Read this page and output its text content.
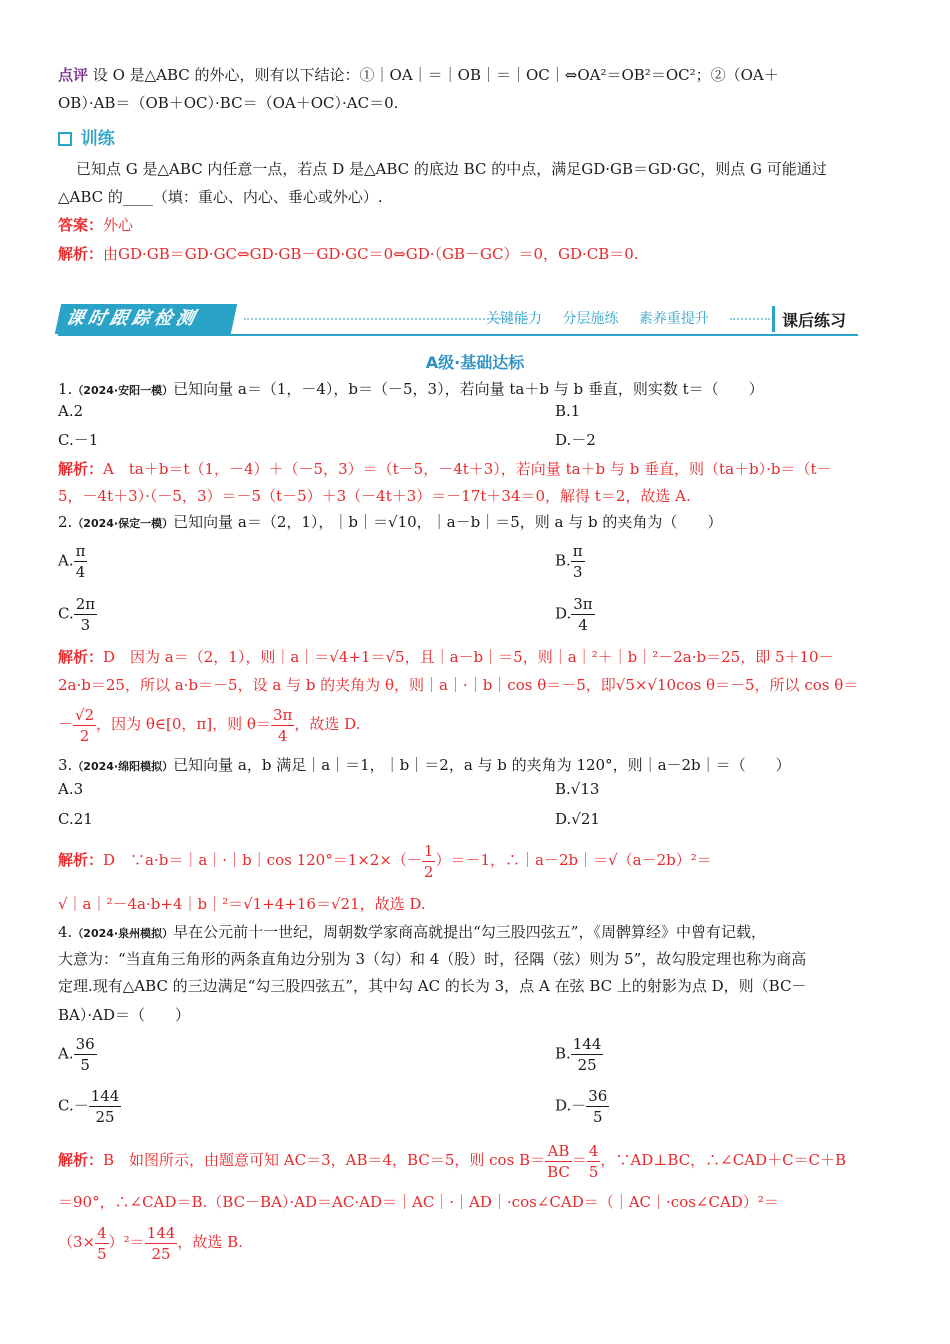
点评 设 O 是△ABC 的外心，则有以下结论：①｜OA｜＝｜OB｜＝｜OC｜⇔OA²＝OB²＝OC²；②（OA＋
OB）·AB＝（OB＋OC）·BC＝（OA＋OC）·AC＝0.
训练
已知点 G 是△ABC 内任意一点，若点 D 是△ABC 的底边 BC 的中点，满足GD·GB＝GD·GC，则点 G 可能通过
△ABC 的____（填：重心、内心、垂心或外心）.
答案：外心
解析：由GD·GB＝GD·GC⇔GD·GB－GD·GC＝0⇔GD·（GB－GC）＝0，GD·CB＝0.
课时跟踪检测	关键能力 分层施练 素养重提升	课后练习
A级·基础达标
1.（2024·安阳一模）已知向量 a＝（1，－4），b＝（－5，3），若向量 ta＋b 与 b 垂直，则实数 t＝（　　）
A.2	B.1
C.－1	D.－2
解析：A　ta＋b＝t（1，－4）＋（－5，3）＝（t－5，－4t＋3），若向量 ta＋b 与 b 垂直，则（ta＋b）·b＝（t－
5，－4t＋3）·（－5，3）＝－5（t－5）＋3（－4t＋3）＝－17t＋34＝0，解得 t＝2，故选 A.
2.（2024·保定一模）已知向量 a＝（2，1），｜b｜＝√10，｜a－b｜＝5，则 a 与 b 的夹角为（　　）
A. $\frac{\pi}{4}$	B. $\frac{\pi}{3}$
C. $\frac{2\pi}{3}$	D. $\frac{3\pi}{4}$
解析：D　因为 a＝（2，1），则｜a｜＝√4+1＝√5，且｜a－b｜＝5，则｜a｜²＋｜b｜²－2a·b＝25，即 5＋10－
2a·b＝25，所以 a·b＝－5，设 a 与 b 的夹角为 θ，则｜a｜·｜b｜cos θ＝－5，即√5×√10cos θ＝－5，所以 cos θ＝
－ $\frac{√2}{2}$ ，因为 θ∈[0，π]，则 $\theta= \frac{3\pi}{4}$ ，故选 D.
3.（2024·绵阳模拟）已知向量 a，b 满足｜a｜＝1，｜b｜＝2，a 与 b 的夹角为 120°，则｜a－2b｜＝（　　）
A.3	B.√13
C.21	D.√21
解析：D　∵a·b＝｜a｜·｜b｜cos $120^\circ=1\times 2\times(- \frac{1}{2} )=-1$，∴｜a－2b｜＝√（a－2b）²＝
√｜a｜²－4a·b+4｜b｜²＝√1+4+16＝√21，故选 D.
4.（2024·泉州模拟）早在公元前十一世纪，周朝数学家商高就提出“勾三股四弦五”，《周髀算经》中曾有记载，
大意为：“当直角三角形的两条直角边分别为 3（勾）和 4（股）时，径隅（弦）则为 5”，故勾股定理也称为商高
定理.现有△ABC 的三边满足“勾三股四弦五”，其中勾 AC 的长为 3，点 A 在弦 BC 上的射影为点 D，则（BC－
BA）·AD＝（　　）
A. $\frac{36}{5}$	B. $\frac{144}{25}$
$C.- \frac{144}{25}$	$D.- \frac{36}{5}$
解析：B　如图所示，由题意可知 AC＝3，AB＝4，BC＝5，则 $\cos B= \frac{AB}{BC} = \frac{4}{5}$ ，∵AD⊥BC，∴∠CAD＋C＝C＋B
＝90°，∴∠CAD＝B.（BC－BA）·AD＝AC·AD＝｜AC｜·｜AD｜·cos∠CAD＝（｜AC｜·cos∠CAD）²＝
$(3\times \frac{4}{5} )^2= \frac{144}{25}$ ，故选 B.
